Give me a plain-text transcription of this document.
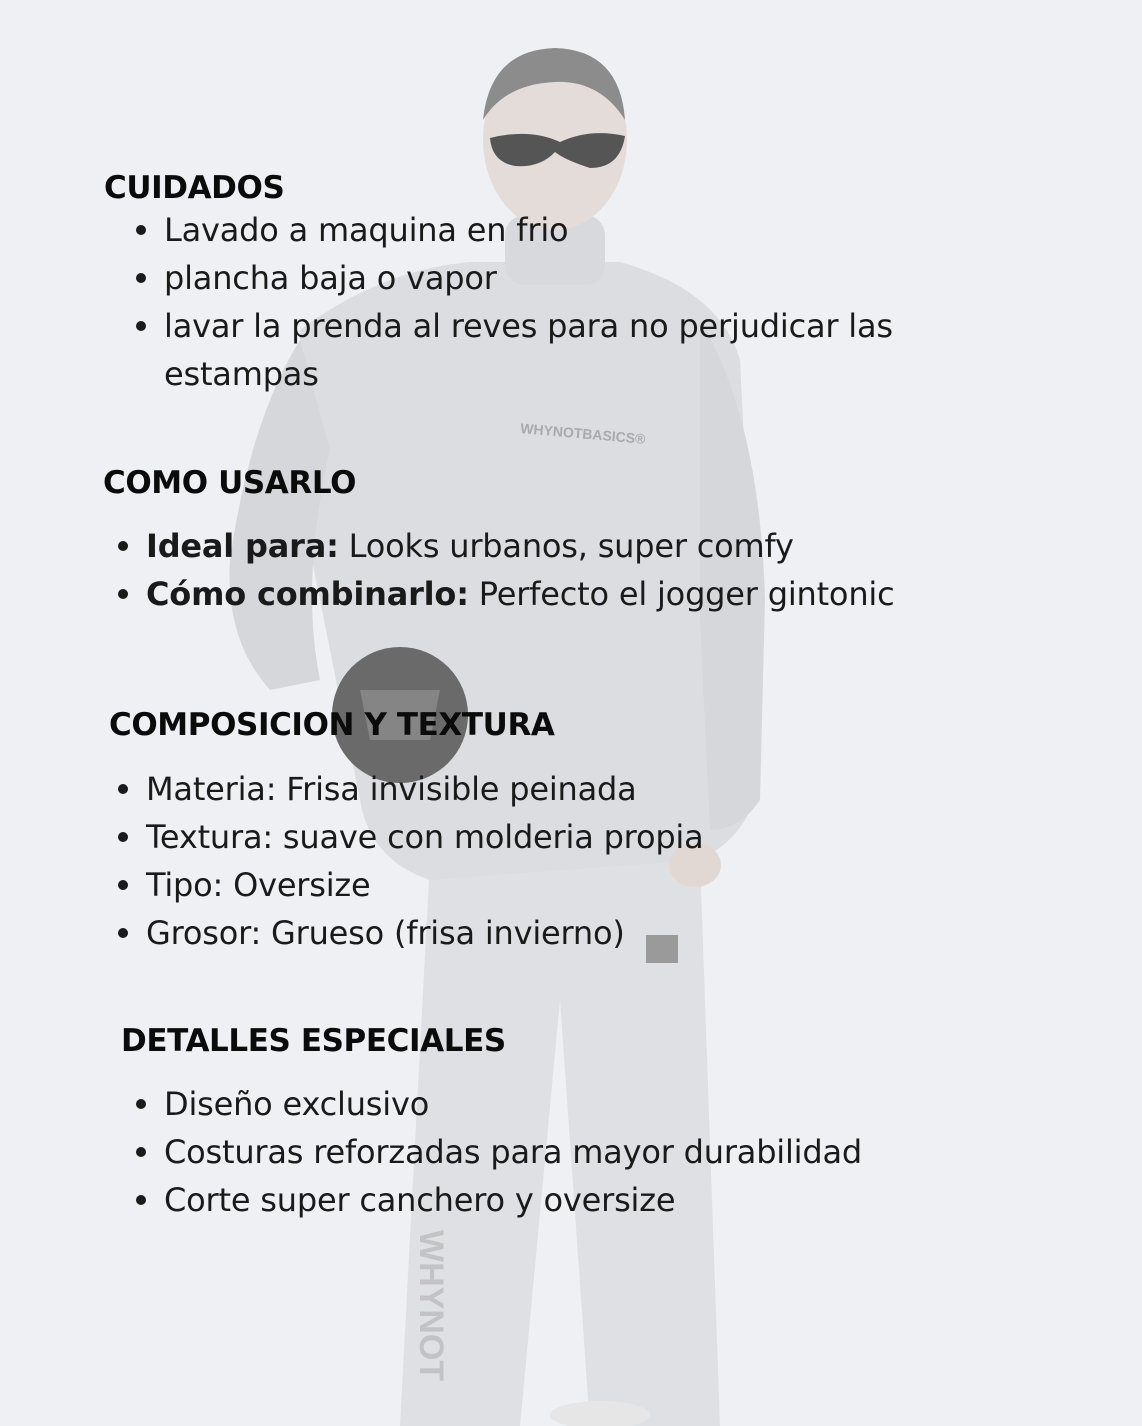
WHYNOT
WHYNOTBASICS®
CUIDADOS
Lavado a maquina en frio
plancha baja o vapor
lavar la prenda al reves para no perjudicar las estampas
COMO USARLO
Ideal para: Looks urbanos, super comfy
Cómo combinarlo: Perfecto el jogger gintonic
COMPOSICION Y TEXTURA
Materia: Frisa invisible peinada
Textura: suave con molderia propia
Tipo: Oversize
Grosor: Grueso (frisa invierno)
DETALLES ESPECIALES
Diseño exclusivo
Costuras reforzadas para mayor durabilidad
Corte super canchero y oversize
